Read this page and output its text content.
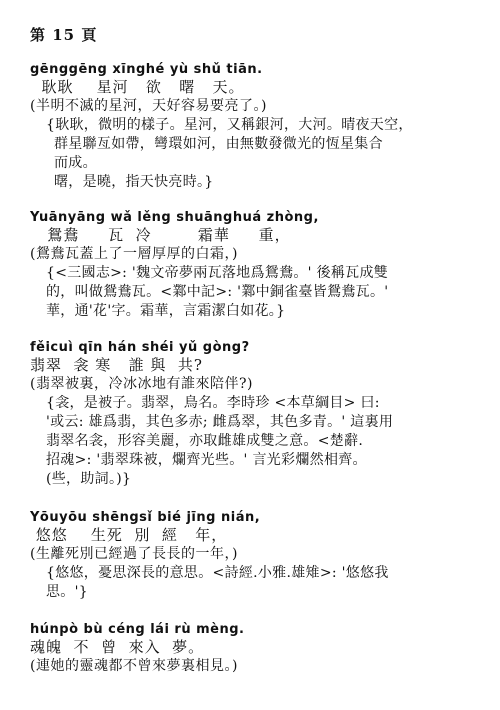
第 15 頁
gēnggēng xīnghé yù shǔ tiān.
耿耿    星河   欲   曙   天。
(半明不滅的星河，天好容易要亮了。)
{耿耿，微明的樣子。星河，又稱銀河，大河。晴夜天空，
群星聯亙如帶，彎環如河，由無數發微光的恆星集合
而成。
曙，是曉，指天快亮時。}
Yuānyāng wǎ lěng shuānghuá zhòng,
鴛鴦     瓦  冷        霜華     重，
(鴛鴦瓦蓋上了一層厚厚的白霜，)
{<三國志>: '魏文帝夢兩瓦落地爲鴛鴦。' 後稱瓦成雙
的，叫做鴛鴦瓦。<鄴中記>: '鄴中銅雀臺皆鴛鴦瓦。'
華，通'花'字。霜華，言霜潔白如花。}
fěicuì qīn hán shéi yǔ gòng?
翡翠  衾 寒   誰 與  共?
(翡翠被裏，冷冰冰地有誰來陪伴?)
{衾，是被子。翡翠，鳥名。李時珍 <本草綱目> 曰:
'或云: 雄爲翡，其色多赤; 雌爲翠，其色多青。' 這裏用
翡翠名衾，形容美麗，亦取雌雄成雙之意。<楚辭.
招魂>: '翡翠珠被，爛齊光些。' 言光彩爛然相齊。
(些，助詞。)}
Yōuyōu shēngsǐ bié jīng nián,
悠悠    生死  別  經   年，
(生離死別已經過了長長的一年，)
{悠悠，憂思深長的意思。<詩經.小雅.雄雉>: '悠悠我
思。'}
húnpò bù céng lái rù mèng.
魂魄  不  曾  來入  夢。
(連她的靈魂都不曾來夢裏相見。)
